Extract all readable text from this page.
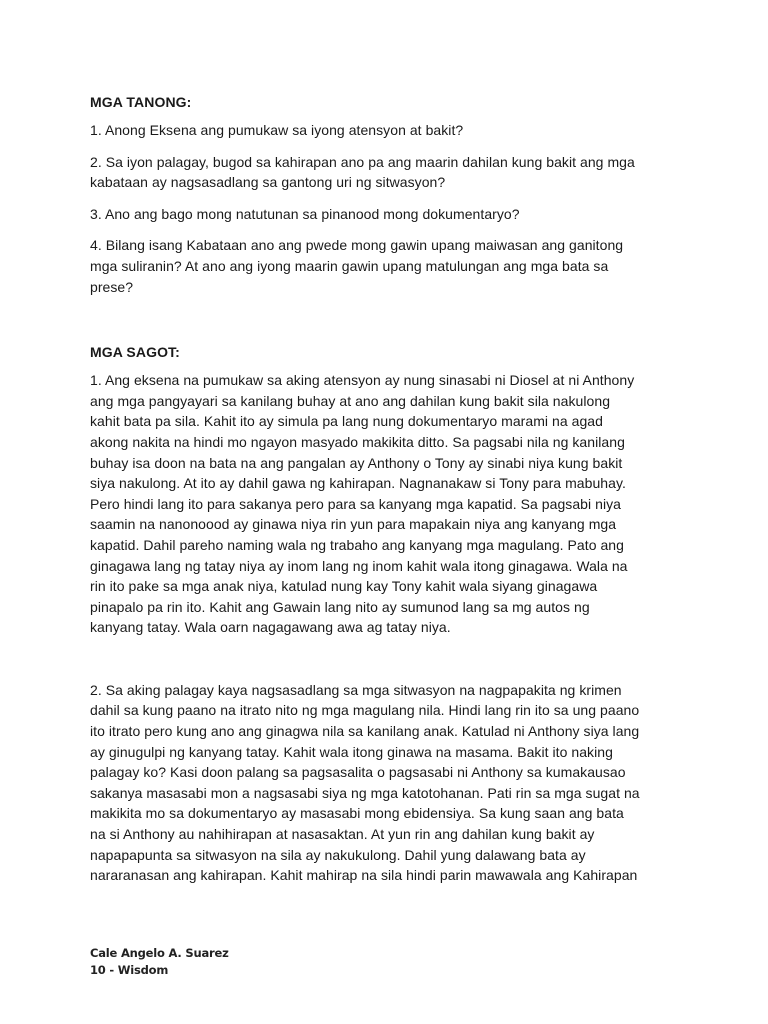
MGA TANONG:

1. Anong Eksena ang pumukaw sa iyong atensyon at bakit?

2. Sa iyon palagay, bugod sa kahirapan ano pa ang maarin dahilan kung bakit ang mga
kabataan ay nagsasadlang sa gantong uri ng sitwasyon?

3. Ano ang bago mong natutunan sa pinanood mong dokumentaryo?

4. Bilang isang Kabataan ano ang pwede mong gawin upang maiwasan ang ganitong
mga suliranin? At ano ang iyong maarin gawin upang matulungan ang mga bata sa
prese?

MGA SAGOT:

1. Ang eksena na pumukaw sa aking atensyon ay nung sinasabi ni Diosel at ni Anthony
ang mga pangyayari sa kanilang buhay at ano ang dahilan kung bakit sila nakulong
kahit bata pa sila. Kahit ito ay simula pa lang nung dokumentaryo marami na agad
akong nakita na hindi mo ngayon masyado makikita ditto. Sa pagsabi nila ng kanilang
buhay isa doon na bata na ang pangalan ay Anthony o Tony ay sinabi niya kung bakit
siya nakulong. At ito ay dahil gawa ng kahirapan. Nagnanakaw si Tony para mabuhay.
Pero hindi lang ito para sakanya pero para sa kanyang mga kapatid. Sa pagsabi niya
saamin na nanonoood ay ginawa niya rin yun para mapakain niya ang kanyang mga
kapatid. Dahil pareho naming wala ng trabaho ang kanyang mga magulang. Pato ang
ginagawa lang ng tatay niya ay inom lang ng inom kahit wala itong ginagawa. Wala na
rin ito pake sa mga anak niya, katulad nung kay Tony kahit wala siyang ginagawa
pinapalo pa rin ito. Kahit ang Gawain lang nito ay sumunod lang sa mg autos ng
kanyang tatay. Wala oarn nagagawang awa ag tatay niya.

2. Sa aking palagay kaya nagsasadlang sa mga sitwasyon na nagpapakita ng krimen
dahil sa kung paano na itrato nito ng mga magulang nila. Hindi lang rin ito sa ung paano
ito itrato pero kung ano ang ginagwa nila sa kanilang anak. Katulad ni Anthony siya lang
ay ginugulpi ng kanyang tatay. Kahit wala itong ginawa na masama. Bakit ito naking
palagay ko? Kasi doon palang sa pagsasalita o pagsasabi ni Anthony sa kumakausao
sakanya masasabi mon a nagsasabi siya ng mga katotohanan. Pati rin sa mga sugat na
makikita mo sa dokumentaryo ay masasabi mong ebidensiya. Sa kung saan ang bata
na si Anthony au nahihirapan at nasasaktan. At yun rin ang dahilan kung bakit ay
napapapunta sa sitwasyon na sila ay nakukulong. Dahil yung dalawang bata ay
nararanasan ang kahirapan. Kahit mahirap na sila hindi parin mawawala ang Kahirapan

Cale Angelo A. Suarez
10 - Wisdom
